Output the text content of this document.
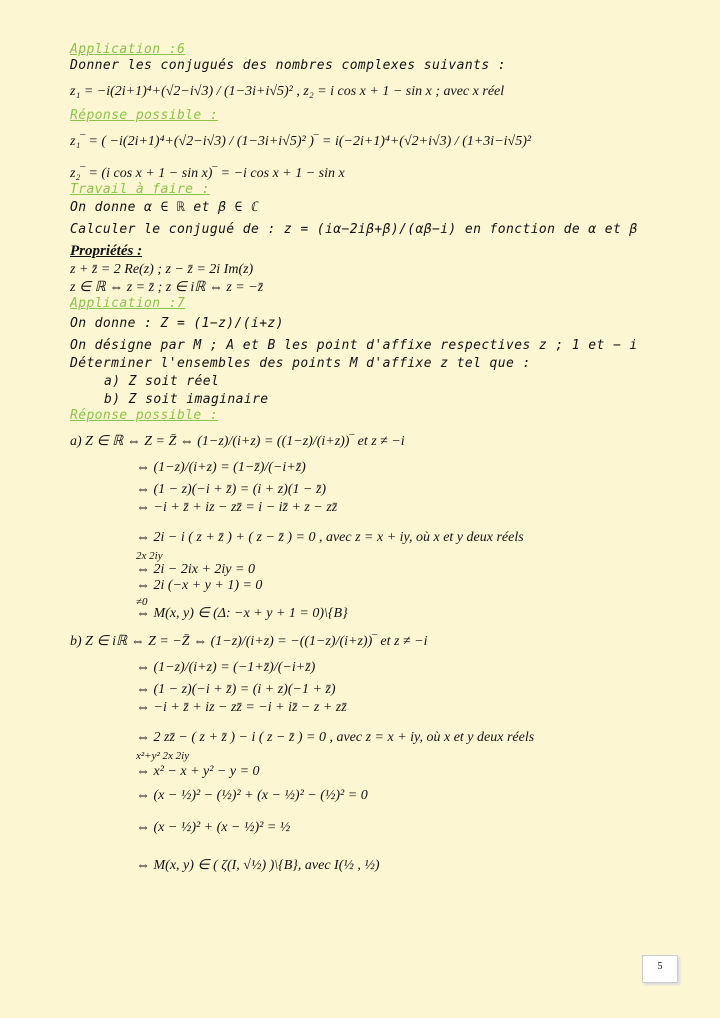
Application :6
Donner les conjugués des nombres complexes suivants :
z₁ = −i(2i+1)⁴+(√2−i√3) / (1−3i+i√5)² , z₂ = i cos x + 1 − sin x ; avec x réel
Réponse possible :
z₁‾ = ( −i(2i+1)⁴+(√2−i√3) / (1−3i+i√5)² )‾ = i(−2i+1)⁴+(√2+i√3) / (1+3i−i√5)²
z₂‾ = (i cos x + 1 − sin x)‾ = −i cos x + 1 − sin x
Travail à faire :
On donne α ∈ ℝ et β ∈ ℂ
Calculer le conjugué de : z = (iα−2iβ+β)/(αβ−i) en fonction de α et β
Propriétés :
z + z̄ = 2 Re(z) ; z − z̄ = 2i Im(z)
z ∈ ℝ ⇔ z = z̄ ; z ∈ iℝ ⇔ z = −z̄
Application :7
On donne : Z = (1−z)/(i+z)
On désigne par M ; A et B les point d'affixe respectives z ; 1 et − i
Déterminer l'ensembles des points M d'affixe z tel que :
a) Z soit réel
b) Z soit imaginaire
Réponse possible :
a) Z ∈ ℝ ⇔ Z = Z̄ ⇔ (1−z)/(i+z) = ((1−z)/(i+z))‾ et z ≠ −i
⇔ (1−z)/(i+z) = (1−z̄)/(−i+z̄)
⇔ (1 − z)(−i + z̄) = (i + z)(1 − z̄)
⇔ −i + z̄ + iz − zz̄ = i − iz̄ + z − zz̄
⇔ 2i − i ( z + z̄ ) + ( z − z̄ ) = 0 , avec z = x + iy, où x et y deux réels
2x 2iy
⇔ 2i − 2ix + 2iy = 0
⇔ 2i (−x + y + 1) = 0
≠0
⇔ M(x, y) ∈ (Δ: −x + y + 1 = 0)\{B}
b) Z ∈ iℝ ⇔ Z = −Z̄ ⇔ (1−z)/(i+z) = −((1−z)/(i+z))‾ et z ≠ −i
⇔ (1−z)/(i+z) = (−1+z̄)/(−i+z̄)
⇔ (1 − z)(−i + z̄) = (i + z)(−1 + z̄)
⇔ −i + z̄ + iz − zz̄ = −i + iz̄ − z + zz̄
⇔ 2 zz̄ − ( z + z̄ ) − i ( z − z̄ ) = 0 , avec z = x + iy, où x et y deux réels
x²+y² 2x 2iy
⇔ x² − x + y² − y = 0
⇔ (x − ½)² − (½)² + (x − ½)² − (½)² = 0
⇔ (x − ½)² + (x − ½)² = ½
⇔ M(x, y) ∈ ( ζ(I, √½) )\{B}, avec I(½ , ½)
5
